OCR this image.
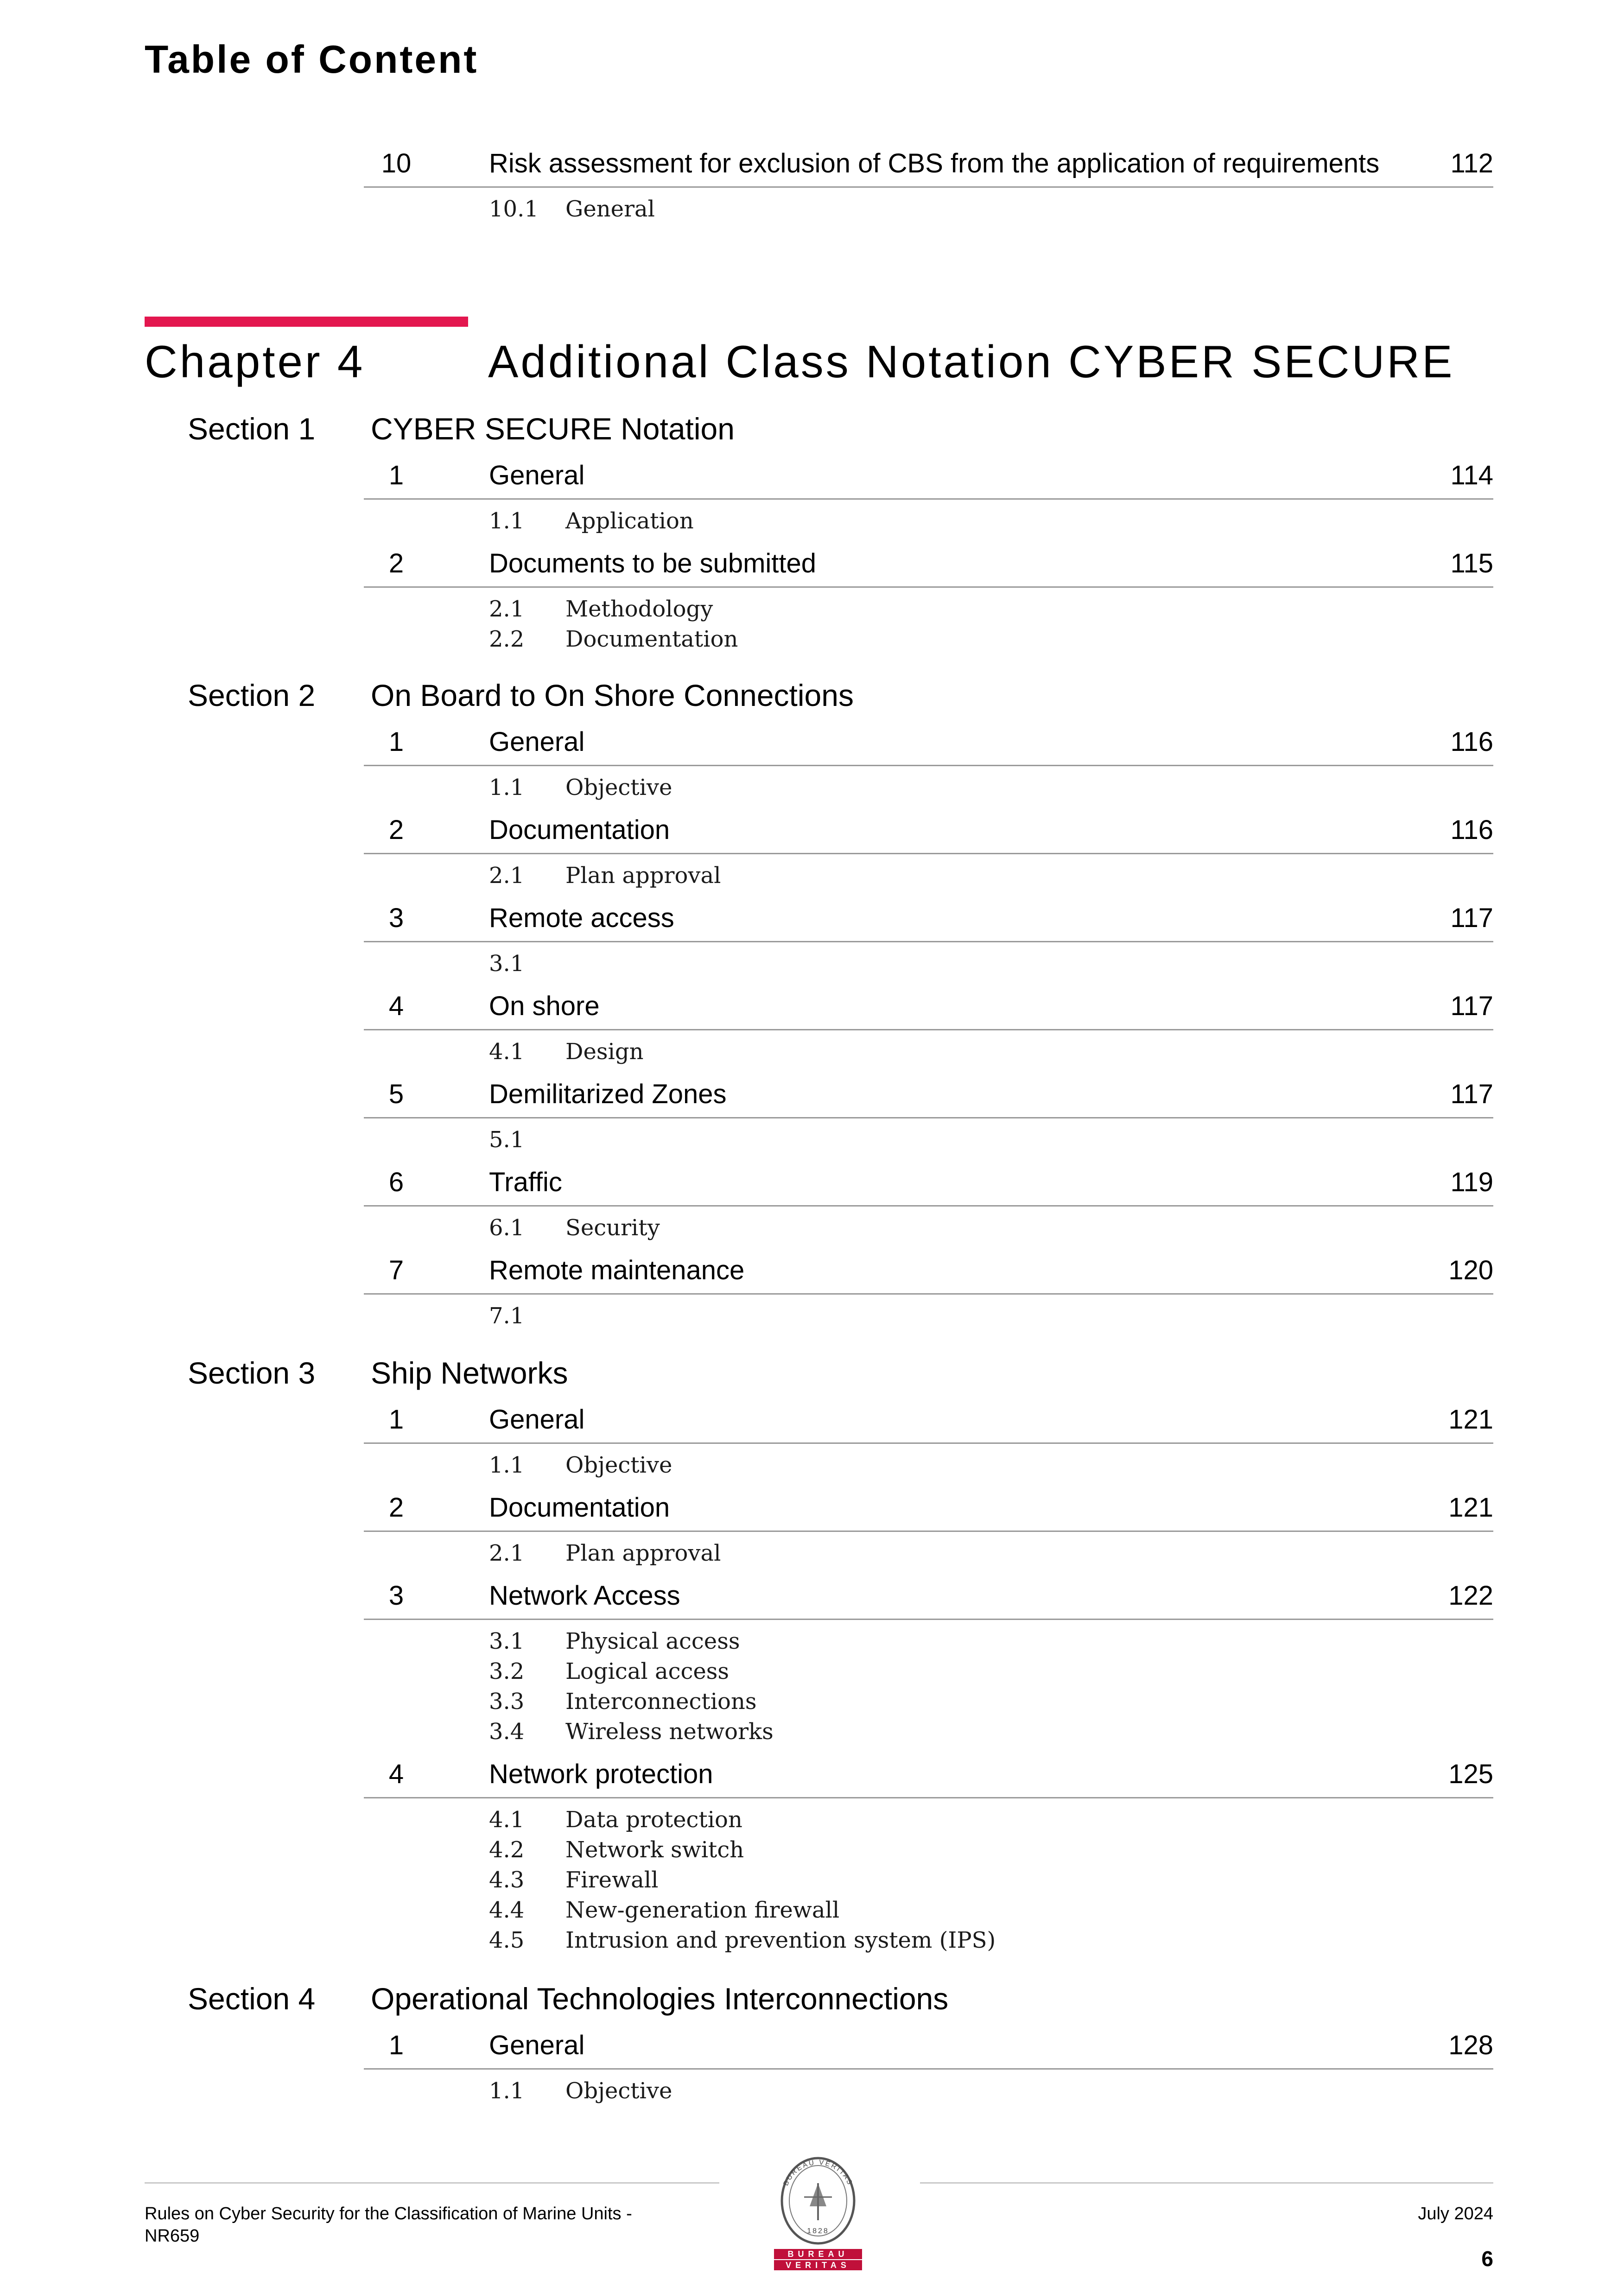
Table of Content
10	Risk assessment for exclusion of CBS from the application of requirements	112
10.1 General
Chapter 4	Additional Class Notation CYBER SECURE
Section 1 CYBER SECURE Notation
1	General	114
1.1 Application
2	Documents to be submitted	115
2.1 Methodology
2.2 Documentation
Section 2 On Board to On Shore Connections
1	General	116
1.1 Objective
2	Documentation	116
2.1 Plan approval
3	Remote access	117
3.1
4	On shore	117
4.1 Design
5	Demilitarized Zones	117
5.1
6	Traffic	119
6.1 Security
7	Remote maintenance	120
7.1
Section 3 Ship Networks
1	General	121
1.1 Objective
2	Documentation	121
2.1 Plan approval
3	Network Access	122
3.1 Physical access
3.2 Logical access
3.3 Interconnections
3.4 Wireless networks
4	Network protection	125
4.1 Data protection
4.2 Network switch
4.3 Firewall
4.4 New-generation firewall
4.5 Intrusion and prevention system (IPS)
Section 4 Operational Technologies Interconnections
1	General	128
1.1 Objective
Rules on Cyber Security for the Classification of Marine Units -
NR659
July 2024
6
BUREAU VERITAS
1828
BUREAU
VERITAS
